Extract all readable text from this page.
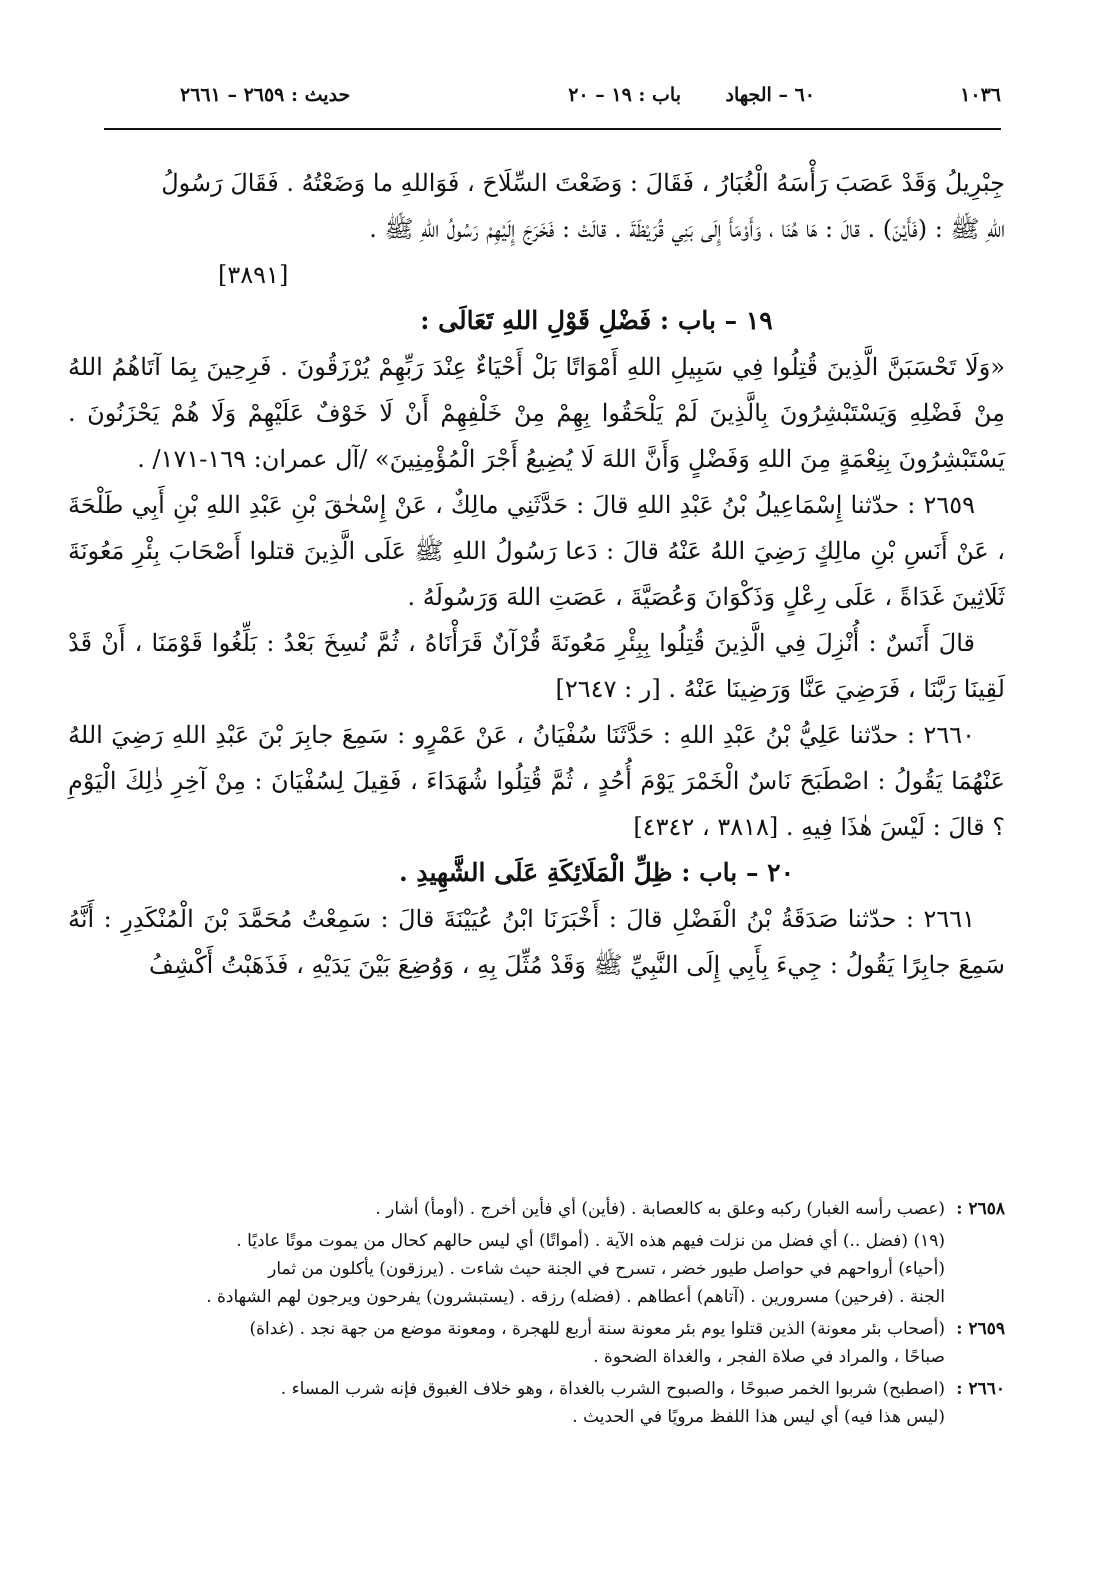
١٠٣٦
٦٠ – الجهاد
باب : ١٩ – ٢٠
حديث : ٢٦٥٩ – ٢٦٦١

جِبْرِيلُ وَقَدْ عَصَبَ رَأْسَهُ الْغُبَارُ ، فَقَالَ : وَضَعْتَ السِّلَاحَ ، فَوَاللهِ ما وَضَعْتُهُ . فَقَالَ رَسُولُ

اللهِ ﷺ : (فَأَيْنَ) . قالَ : هَا هُنَا ، وَأَوْمَأَ إِلَى بَنِي قُرَيْظَةَ . قالَتْ : فَخَرَجَ إِلَيْهِمْ رَسُولُ اللهِ ﷺ .

[٣٨٩١]

١٩ – باب : فَضْلِ قَوْلِ اللهِ تَعَالَى :

«وَلَا تَحْسَبَنَّ الَّذِينَ قُتِلُوا فِي سَبِيلِ اللهِ أَمْوَاتًا بَلْ أَحْيَاءٌ عِنْدَ رَبِّهِمْ يُرْزَقُونَ . فَرِحِينَ بِمَا آتَاهُمُ اللهُ مِنْ فَضْلِهِ وَيَسْتَبْشِرُونَ بِالَّذِينَ لَمْ يَلْحَقُوا بِهِمْ مِنْ خَلْفِهِمْ أَنْ لَا خَوْفٌ عَلَيْهِمْ وَلَا هُمْ يَحْزَنُونَ . يَسْتَبْشِرُونَ بِنِعْمَةٍ مِنَ اللهِ وَفَضْلٍ وَأَنَّ اللهَ لَا يُضِيعُ أَجْرَ الْمُؤْمِنِينَ» /آل عمران: ١٦٩-١٧١/ .

٢٦٥٩ : حدّثنا إِسْمَاعِيلُ بْنُ عَبْدِ اللهِ قالَ : حَدَّثَنِي مالِكٌ ، عَنْ إِسْحٰقَ بْنِ عَبْدِ اللهِ بْنِ أَبِي طَلْحَةَ ، عَنْ أَنَسِ بْنِ مالِكٍ رَضِيَ اللهُ عَنْهُ قالَ : دَعا رَسُولُ اللهِ ﷺ عَلَى الَّذِينَ قتلوا أَصْحَابَ بِئْرِ مَعُونَةَ ثَلَاثِينَ غَدَاةً ، عَلَى رِعْلٍ وَذَكْوَانَ وَعُصَيَّةَ ، عَصَتِ اللهَ وَرَسُولَهُ .

قالَ أَنَسٌ : أُنْزِلَ فِي الَّذِينَ قُتِلُوا بِبِئْرِ مَعُونَةَ قُرْآنٌ قَرَأْنَاهُ ، ثُمَّ نُسِخَ بَعْدُ : بَلِّغُوا قَوْمَنَا ، أَنْ قَدْ لَقِينَا رَبَّنَا ، فَرَضِيَ عَنَّا وَرَضِينَا عَنْهُ . [ر : ٢٦٤٧]

٢٦٦٠ : حدّثنا عَلِيُّ بْنُ عَبْدِ اللهِ : حَدَّثَنَا سُفْيَانُ ، عَنْ عَمْرٍو : سَمِعَ جابِرَ بْنَ عَبْدِ اللهِ رَضِيَ اللهُ عَنْهُمَا يَقُولُ : اصْطَبَحَ نَاسٌ الْخَمْرَ يَوْمَ أُحُدٍ ، ثُمَّ قُتِلُوا شُهَدَاءَ ، فَقِيلَ لِسُفْيَانَ : مِنْ آخِرِ ذٰلِكَ الْيَوْمِ ؟ قالَ : لَيْسَ هٰذَا فِيهِ . [٣٨١٨ ، ٤٣٤٢]

٢٠ – باب : ظِلِّ الْمَلَائِكَةِ عَلَى الشَّهِيدِ .

٢٦٦١ : حدّثنا صَدَقَةُ بْنُ الْفَضْلِ قالَ : أَخْبَرَنَا ابْنُ عُيَيْنَةَ قالَ : سَمِعْتُ مُحَمَّدَ بْنَ الْمُنْكَدِرِ : أَنَّهُ سَمِعَ جابِرًا يَقُولُ : جِيءَ بِأَبِي إِلَى النَّبِيِّ ﷺ وَقَدْ مُثِّلَ بِهِ ، وَوُضِعَ بَيْنَ يَدَيْهِ ، فَذَهَبْتُ أَكْشِفُ

٢٦٥٨ :
(عصب رأسه الغبار) ركبه وعلق به كالعصابة . (فأين) أي فأين أخرج . (أومأ) أشار .
(١٩) (فضل ..) أي فضل من نزلت فيهم هذه الآية . (أمواتًا) أي ليس حالهم كحال من يموت موتًا عاديًا .
(أحياء) أرواحهم في حواصل طيور خضر ، تسرح في الجنة حيث شاءت . (يرزقون) يأكلون من ثمار
الجنة . (فرحين) مسرورين . (آتاهم) أعطاهم . (فضله) رزقه . (يستبشرون) يفرحون ويرجون لهم الشهادة .
٢٦٥٩ :
(أصحاب بئر معونة) الذين قتلوا يوم بئر معونة سنة أربع للهجرة ، ومعونة موضع من جهة نجد . (غداة)
صباحًا ، والمراد في صلاة الفجر ، والغداة الضحوة .
٢٦٦٠ :
(اصطبح) شربوا الخمر صبوحًا ، والصبوح الشرب بالغداة ، وهو خلاف الغبوق فإنه شرب المساء .
(ليس هذا فيه) أي ليس هذا اللفظ مرويًا في الحديث .
